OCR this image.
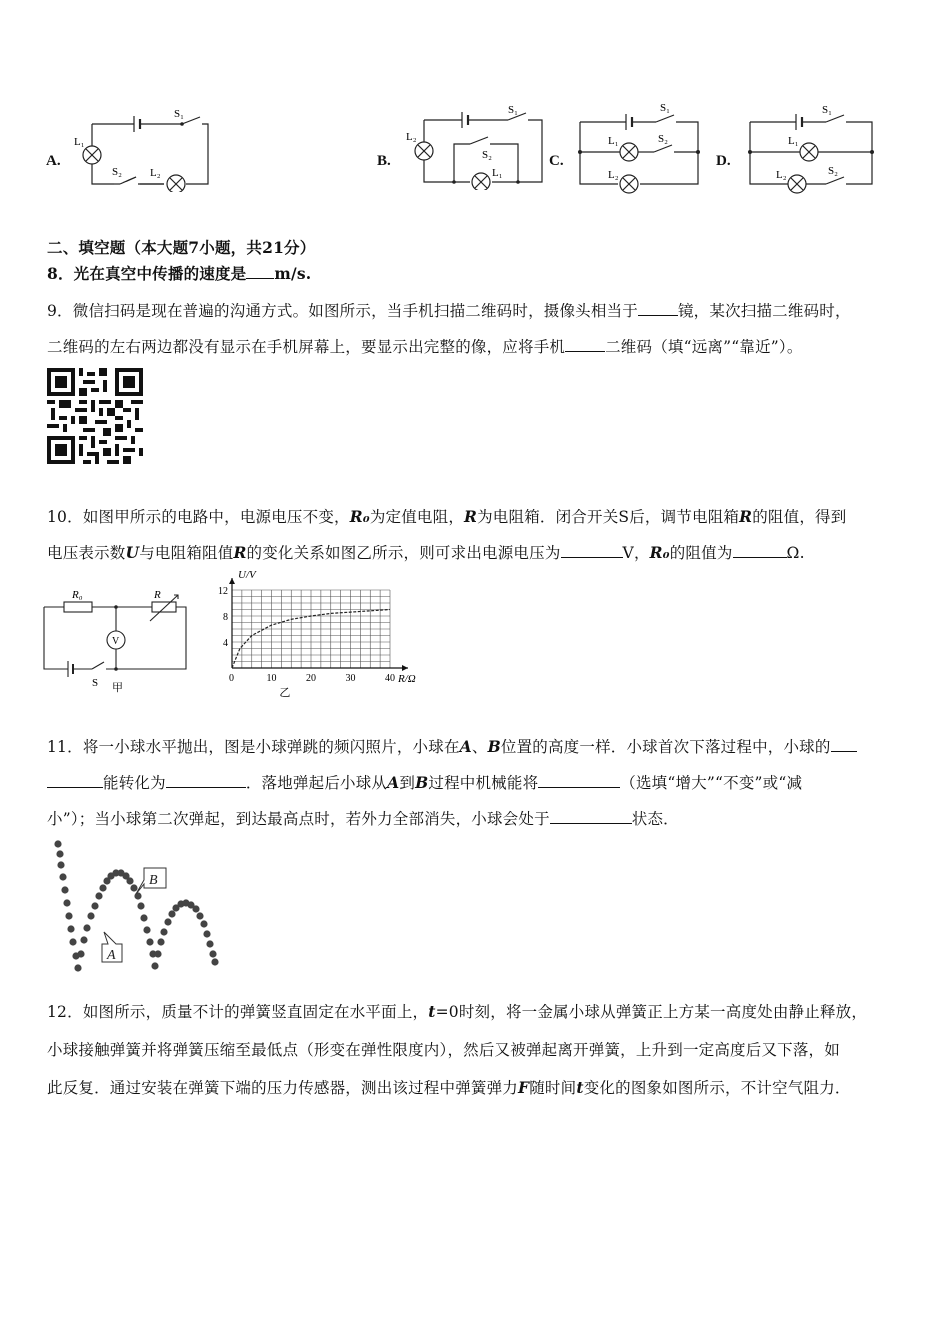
A.	B.	C.	D.
S₁
L₁
S₂	L₂
S₁
L₂
S₂
L₁
S₁
L₁	S₂
L₂
S₁
L₁
L₂	S₂
二、填空题（本大题7小题，共21分）
8．光在真空中传播的速度是 m/s.
9．微信扫码是现在普遍的沟通方式。如图所示，当手机扫描二维码时，摄像头相当于	镜，某次扫描二维码时，
二维码的左右两边都没有显示在手机屏幕上，要显示出完整的像，应将手机	二维码（填“远离”“靠近”）。
10．如图甲所示的电路中，电源电压不变，R₀为定值电阻，R为电阻箱．闭合开关S后，调节电阻箱R的阻值，得到
电压表示数U与电阻箱阻值R的变化关系如图乙所示，则可求出电源电压为	V，R₀的阻值为	Ω.
R₀	R
V
S 甲
0	10	20	30	40
4
8
12
U/V
R/Ω
乙
11．将一小球水平抛出，图是小球弹跳的频闪照片，小球在A、B位置的高度一样．小球首次下落过程中，小球的
能转化为	．落地弹起后小球从A到B过程中机械能将	（选填“增大”“不变”或“减
小”）；当小球第二次弹起，到达最高点时，若外力全部消失，小球会处于	状态．
A
B
12．如图所示，质量不计的弹簧竖直固定在水平面上，t=0时刻，将一金属小球从弹簧正上方某一高度处由静止释放，
小球接触弹簧并将弹簧压缩至最低点（形变在弹性限度内），然后又被弹起离开弹簧，上升到一定高度后又下落，如
此反复．通过安装在弹簧下端的压力传感器，测出该过程中弹簧弹力F随时间t变化的图象如图所示，不计空气阻力．
